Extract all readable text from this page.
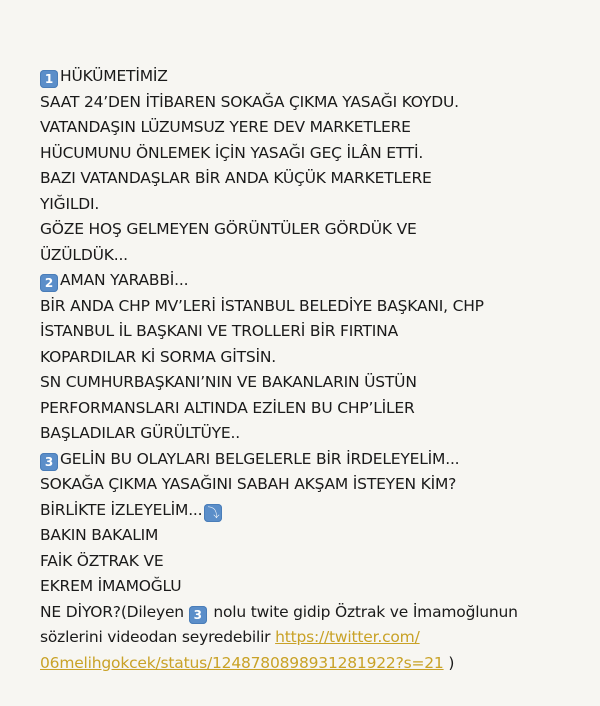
1 HÜKÜMETİMİZ
SAAT 24’DEN İTİBAREN SOKAĞA ÇIKMA YASAĞI KOYDU.
VATANDAŞIN LÜZUMSUZ YERE DEV MARKETLERE
HÜCUMUNU ÖNLEMEK İÇİN YASAĞI GEÇ İLÂN ETTİ.
BAZI VATANDAŞLAR BİR ANDA KÜÇÜK MARKETLERE
YIĞILDI.
GÖZE HOŞ GELMEYEN GÖRÜNTÜLER GÖRDÜK VE
ÜZÜLDÜK...
2 AMAN YARABBİ...
BİR ANDA CHP MV’LERİ İSTANBUL BELEDİYE BAŞKANI, CHP
İSTANBUL İL BAŞKANI VE TROLLERİ BİR FIRTINA
KOPARDILAR Kİ SORMA GİTSİN.
SN CUMHURBAŞKANI’NIN VE BAKANLARIN ÜSTÜN
PERFORMANSLARI ALTINDA EZİLEN BU CHP’LİLER
BAŞLADILAR GÜRÜLTÜYE..
3 GELİN BU OLAYLARI BELGELERLE BİR İRDELEYELİM...
SOKAĞA ÇIKMA YASAĞINI SABAH AKŞAM İSTEYEN KİM?
BİRLİKTE İZLEYELİM... ⤵
BAKIN BAKALIM
FAİK ÖZTRAK VE
EKREM İMAMOĞLU
NE DİYOR?(Dileyen 3 nolu twite gidip Öztrak ve İmamoğlunun
sözlerini videodan seyredebilir https://twitter.com/
06melihgokcek/status/1248780898931281922?s=21 )
